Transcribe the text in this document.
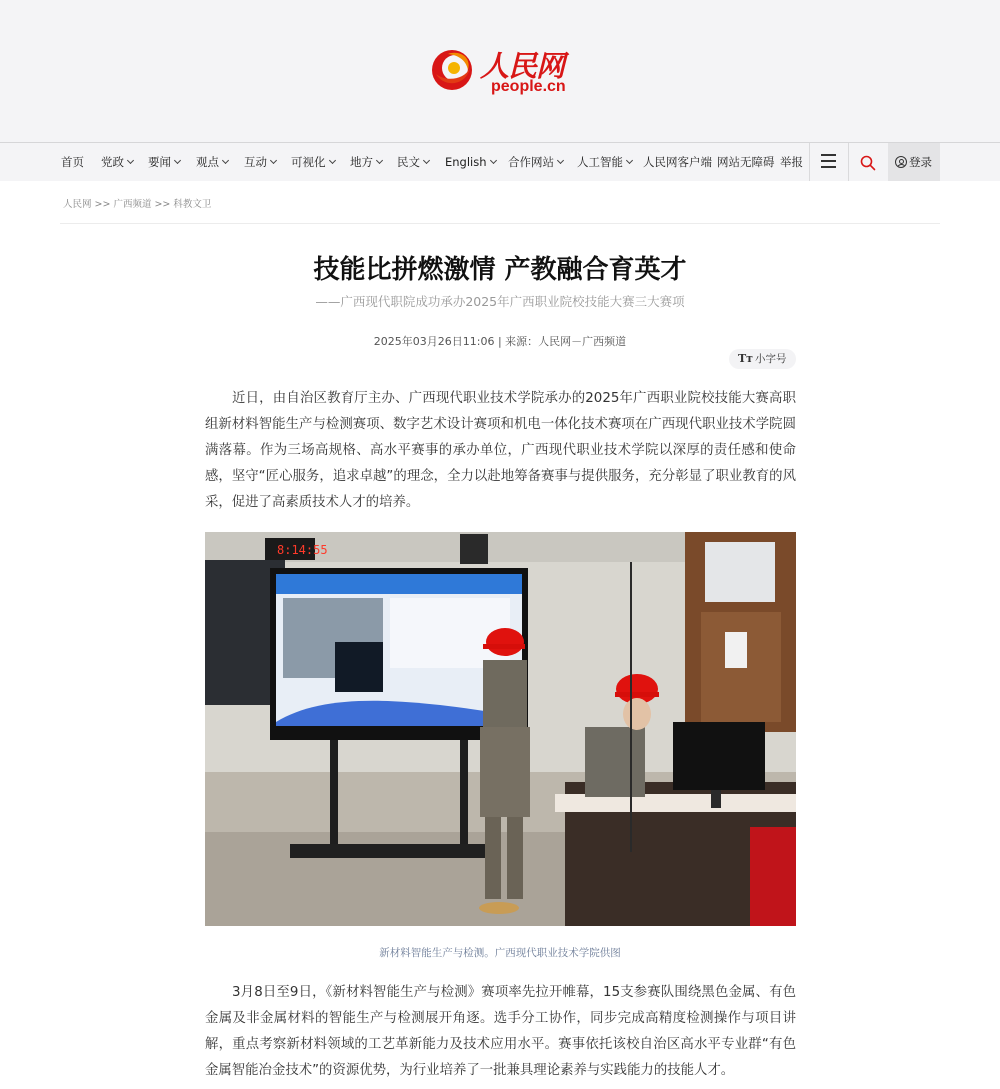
人民网
people.cn
首页 党政	要闻	观点	互动	可视化	地方	民文	English	合作网站	人工智能	人民网客户端 网站无障碍 举报	登录
人民网 >> 广西频道 >> 科教文卫
技能比拼燃激情 产教融合育英才
——广西现代职院成功承办2025年广西职业院校技能大赛三大赛项
2025年03月26日11:06 | 来源：人民网－广西频道
Tт 小字号

近日，由自治区教育厅主办、广西现代职业技术学院承办的2025年广西职业院校技能大赛高职组新材料智能生产与检测赛项、数字艺术设计赛项和机电一体化技术赛项在广西现代职业技术学院圆满落幕。作为三场高规格、高水平赛事的承办单位，广西现代职业技术学院以深厚的责任感和使命感，坚守“匠心服务，追求卓越”的理念，全力以赴地筹备赛事与提供服务，充分彰显了职业教育的风采，促进了高素质技术人才的培养。

8:14:55
新材料智能生产与检测。广西现代职业技术学院供图

3月8日至9日，《新材料智能生产与检测》赛项率先拉开帷幕，15支参赛队围绕黑色金属、有色金属及非金属材料的智能生产与检测展开角逐。选手分工协作，同步完成高精度检测操作与项目讲解，重点考察新材料领域的工艺革新能力及技术应用水平。赛事依托该校自治区高水平专业群“有色金属智能冶金技术”的资源优势，为行业培养了一批兼具理论素养与实践能力的技能人才。
